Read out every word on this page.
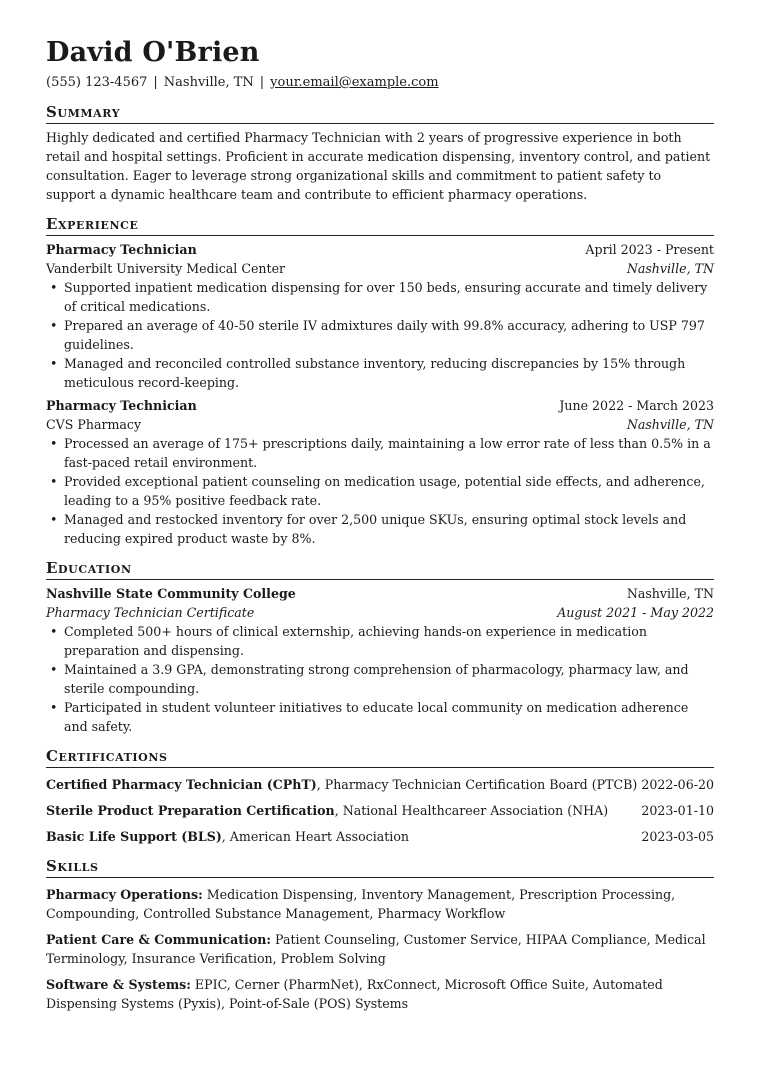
David O'Brien
(555) 123-4567 | Nashville, TN | your.email@example.com
Summary

Highly dedicated and certified Pharmacy Technician with 2 years of progressive experience in both retail and hospital settings. Proficient in accurate medication dispensing, inventory control, and patient consultation. Eager to leverage strong organizational skills and commitment to patient safety to support a dynamic healthcare team and contribute to efficient pharmacy operations.

Experience
Pharmacy Technician	April 2023 - Present
Vanderbilt University Medical Center	Nashville, TN
• Supported inpatient medication dispensing for over 150 beds, ensuring accurate and timely delivery of critical medications.
• Prepared an average of 40-50 sterile IV admixtures daily with 99.8% accuracy, adhering to USP 797 guidelines.
• Managed and reconciled controlled substance inventory, reducing discrepancies by 15% through meticulous record-keeping.
Pharmacy Technician	June 2022 - March 2023
CVS Pharmacy	Nashville, TN
• Processed an average of 175+ prescriptions daily, maintaining a low error rate of less than 0.5% in a fast-paced retail environment.
• Provided exceptional patient counseling on medication usage, potential side effects, and adherence, leading to a 95% positive feedback rate.
• Managed and restocked inventory for over 2,500 unique SKUs, ensuring optimal stock levels and reducing expired product waste by 8%.
Education
Nashville State Community College	Nashville, TN
Pharmacy Technician Certificate	August 2021 - May 2022
• Completed 500+ hours of clinical externship, achieving hands-on experience in medication preparation and dispensing.
• Maintained a 3.9 GPA, demonstrating strong comprehension of pharmacology, pharmacy law, and sterile compounding.
• Participated in student volunteer initiatives to educate local community on medication adherence and safety.
Certifications
Certified Pharmacy Technician (CPhT), Pharmacy Technician Certification Board (PTCB) 2022-06-20
Sterile Product Preparation Certification, National Healthcareer Association (NHA)	2023-01-10
Basic Life Support (BLS), American Heart Association	2023-03-05
Skills
Pharmacy Operations: Medication Dispensing, Inventory Management, Prescription Processing, Compounding, Controlled Substance Management, Pharmacy Workflow
Patient Care & Communication: Patient Counseling, Customer Service, HIPAA Compliance, Medical Terminology, Insurance Verification, Problem Solving
Software & Systems: EPIC, Cerner (PharmNet), RxConnect, Microsoft Office Suite, Automated Dispensing Systems (Pyxis), Point-of-Sale (POS) Systems
